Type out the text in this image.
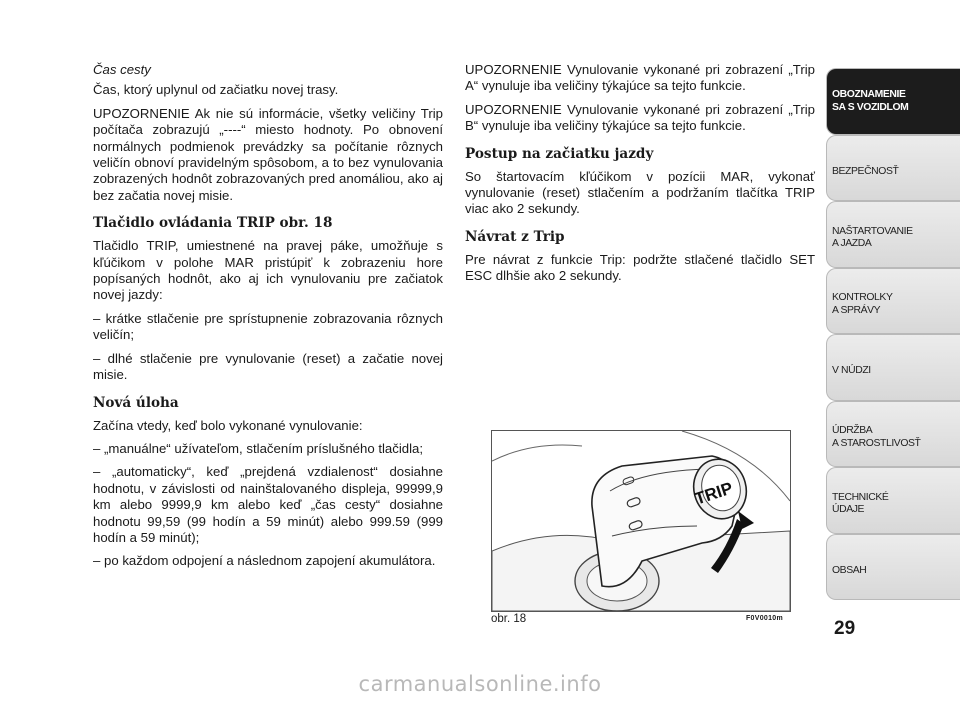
Čas cesty

Čas, ktorý uplynul od začiatku novej trasy.

UPOZORNENIE Ak nie sú informácie, všetky veličiny Trip počítača zobrazujú „----“ miesto hodnoty. Po obnovení normálnych podmienok prevádzky sa počítanie rôznych veličín obnoví pravidelným spôsobom, a to bez vynulovania zobrazených hodnôt zobrazovaných pred anomáliou, ako aj bez začatia novej misie.

Tlačidlo ovládania TRIP obr. 18

Tlačidlo TRIP, umiestnené na pravej páke, umožňuje s kľúčikom v polohe MAR pristúpiť k zobrazeniu hore popísaných hodnôt, ako aj ich vynulovaniu pre začiatok novej jazdy:

– krátke stlačenie pre sprístupnenie zobrazovania rôznych veličín;

– dlhé stlačenie pre vynulovanie (reset) a začatie novej misie.

Nová úloha

Začína vtedy, keď bolo vykonané vynulovanie:

– „manuálne“ užívateľom, stlačením príslušného tlačidla;

– „automaticky“, keď „prejdená vzdialenost“ dosiahne hodnotu, v závislosti od nainštalovaného displeja, 99999,9 km alebo 9999,9 km alebo keď „čas cesty“ dosiahne hodnotu 99,59 (99 hodín a 59 minút) alebo 999.59 (999 hodín a 59 minút);

– po každom odpojení a následnom zapojení akumulátora.

UPOZORNENIE Vynulovanie vykonané pri zobrazení „Trip A“ vynuluje iba veličiny týkajúce sa tejto funkcie.

UPOZORNENIE Vynulovanie vykonané pri zobrazení „Trip B“ vynuluje iba veličiny týkajúce sa tejto funkcie.

Postup na začiatku jazdy

So štartovacím kľúčikom v pozícii MAR, vykonať vynulovanie (reset) stlačením a podržaním tlačítka TRIP viac ako 2 sekundy.

Návrat z Trip

Pre návrat z funkcie Trip: podržte stlačené tlačidlo SET ESC dlhšie ako 2 sekundy.

TRIP
obr. 18	F0V0010m
OBOZNAMENIE
SA S VOZIDLOM
BEZPEČNOSŤ
NAŠTARTOVANIE
A JAZDA
KONTROLKY
A SPRÁVY
V NÚDZI
ÚDRŽBA
A STAROSTLIVOSŤ
TECHNICKÉ
ÚDAJE
OBSAH
29
carmanualsonline.info
